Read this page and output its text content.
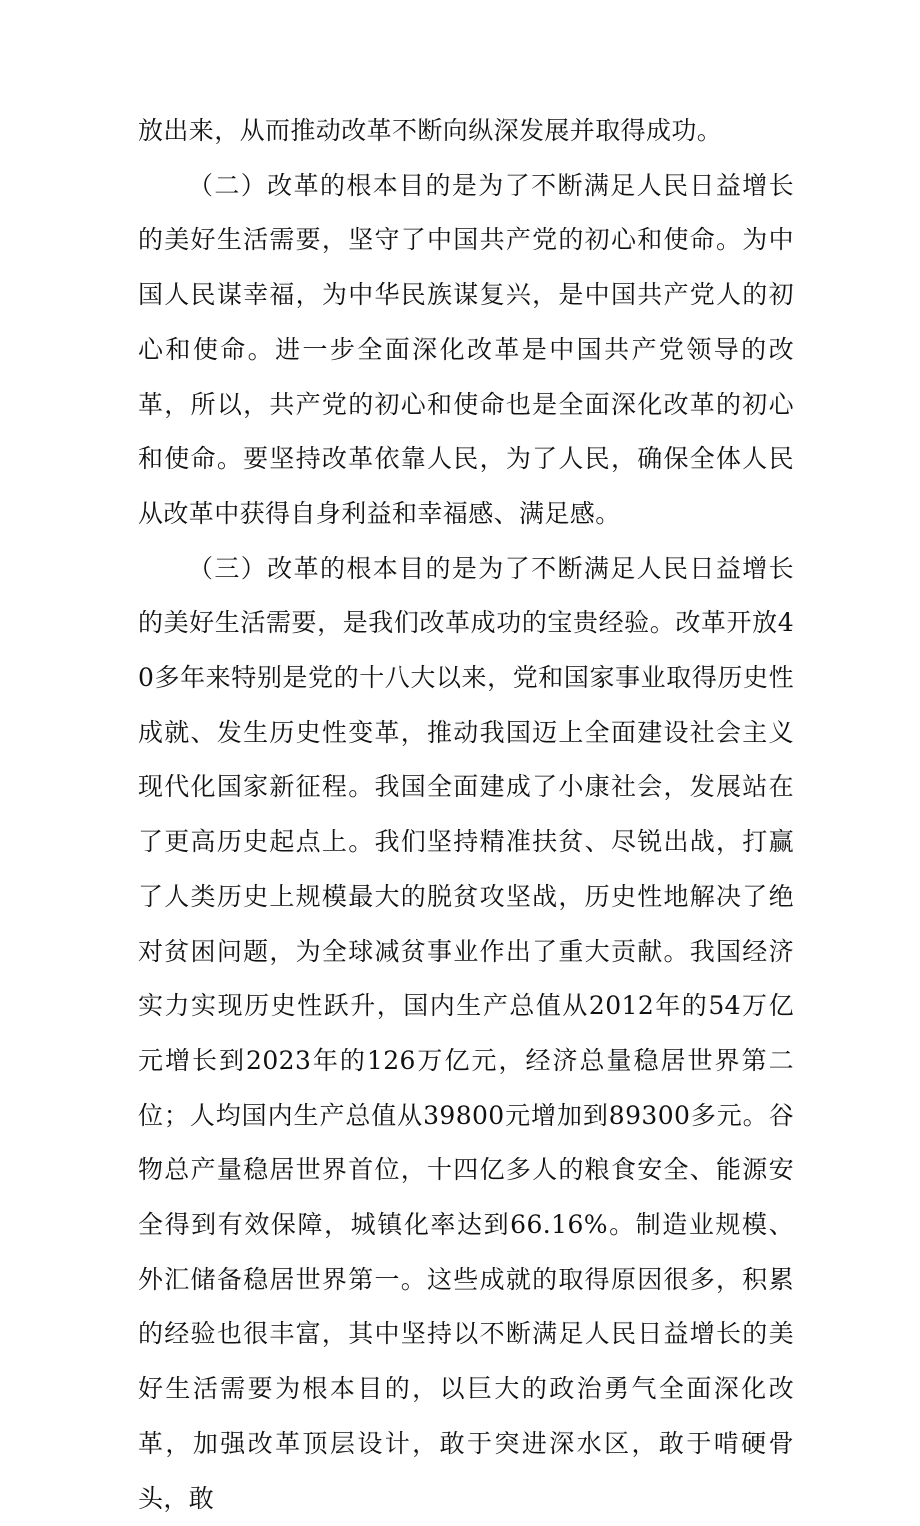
放出来，从而推动改革不断向纵深发展并取得成功。

（二）改革的根本目的是为了不断满足人民日益增长的美好生活需要，坚守了中国共产党的初心和使命。为中国人民谋幸福，为中华民族谋复兴，是中国共产党人的初心和使命。进一步全面深化改革是中国共产党领导的改革，所以，共产党的初心和使命也是全面深化改革的初心和使命。要坚持改革依靠人民，为了人民，确保全体人民从改革中获得自身利益和幸福感、满足感。

（三）改革的根本目的是为了不断满足人民日益增长的美好生活需要，是我们改革成功的宝贵经验。改革开放40多年来特别是党的十八大以来，党和国家事业取得历史性成就、发生历史性变革，推动我国迈上全面建设社会主义现代化国家新征程。我国全面建成了小康社会，发展站在了更高历史起点上。我们坚持精准扶贫、尽锐出战，打赢了人类历史上规模最大的脱贫攻坚战，历史性地解决了绝对贫困问题，为全球减贫事业作出了重大贡献。我国经济实力实现历史性跃升，国内生产总值从2012年的54万亿元增长到2023年的126万亿元，经济总量稳居世界第二位；人均国内生产总值从39800元增加到89300多元。谷物总产量稳居世界首位，十四亿多人的粮食安全、能源安全得到有效保障，城镇化率达到66.16%。制造业规模、外汇储备稳居世界第一。这些成就的取得原因很多，积累的经验也很丰富，其中坚持以不断满足人民日益增长的美好生活需要为根本目的，以巨大的政治勇气全面深化改革，加强改革顶层设计，敢于突进深水区，敢于啃硬骨头，敢
